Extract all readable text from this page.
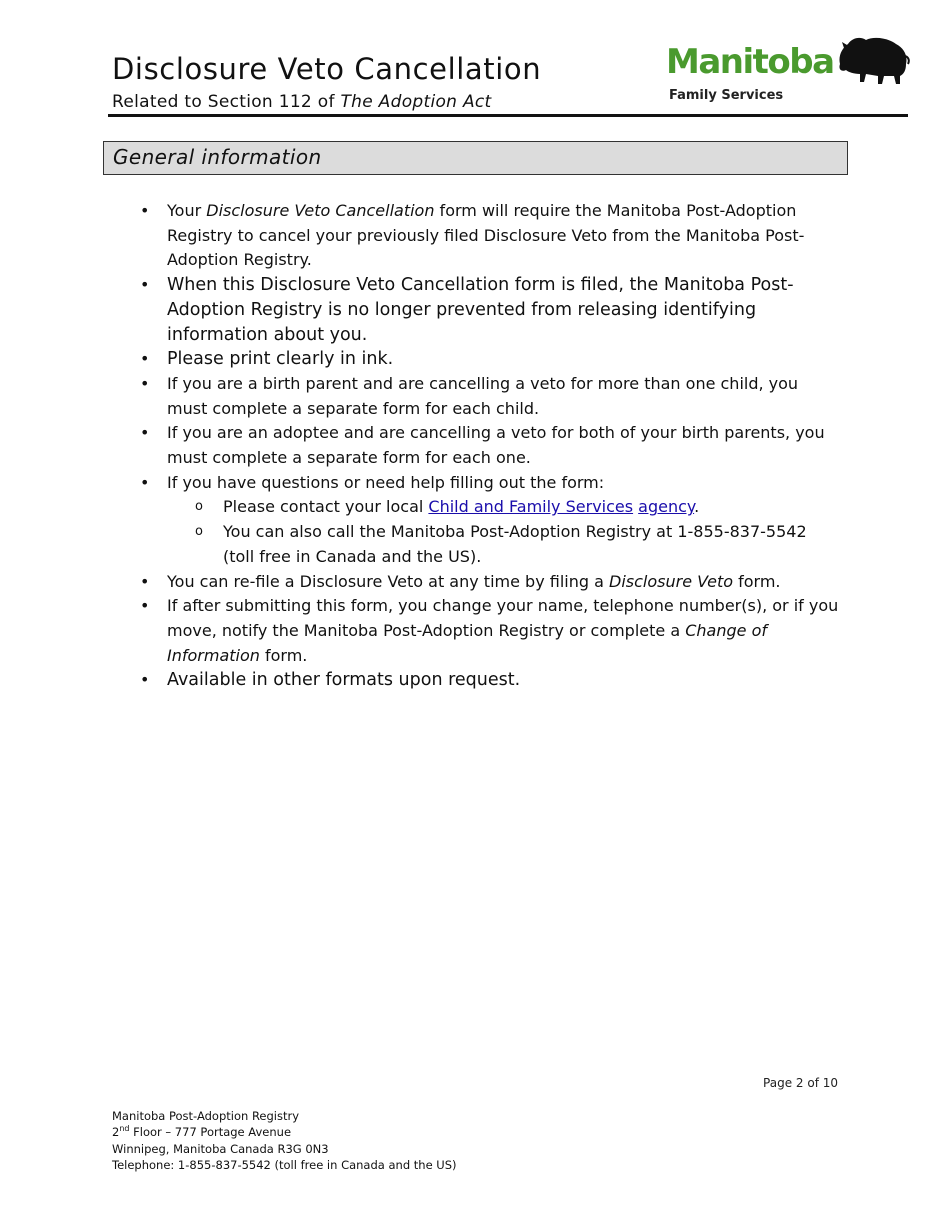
Disclosure Veto Cancellation
Related to Section 112 of The Adoption Act
Manitoba
Family Services
General information
• Your Disclosure Veto Cancellation form will require the Manitoba Post-Adoption Registry to cancel your previously filed Disclosure Veto from the Manitoba Post-Adoption Registry.
• When this Disclosure Veto Cancellation form is filed, the Manitoba Post-Adoption Registry is no longer prevented from releasing identifying information about you.
• Please print clearly in ink.
• If you are a birth parent and are cancelling a veto for more than one child, you must complete a separate form for each child.
• If you are an adoptee and are cancelling a veto for both of your birth parents, you must complete a separate form for each one.
• If you have questions or need help filling out the form:
o Please contact your local Child and Family Services agency.
o You can also call the Manitoba Post-Adoption Registry at 1-855-837-5542 (toll free in Canada and the US).
• You can re-file a Disclosure Veto at any time by filing a Disclosure Veto form.
• If after submitting this form, you change your name, telephone number(s), or if you move, notify the Manitoba Post-Adoption Registry or complete a Change of Information form.
• Available in other formats upon request.
Page 2 of 10
Manitoba Post-Adoption Registry
2nd Floor – 777 Portage Avenue
Winnipeg, Manitoba Canada R3G 0N3
Telephone: 1-855-837-5542 (toll free in Canada and the US)
